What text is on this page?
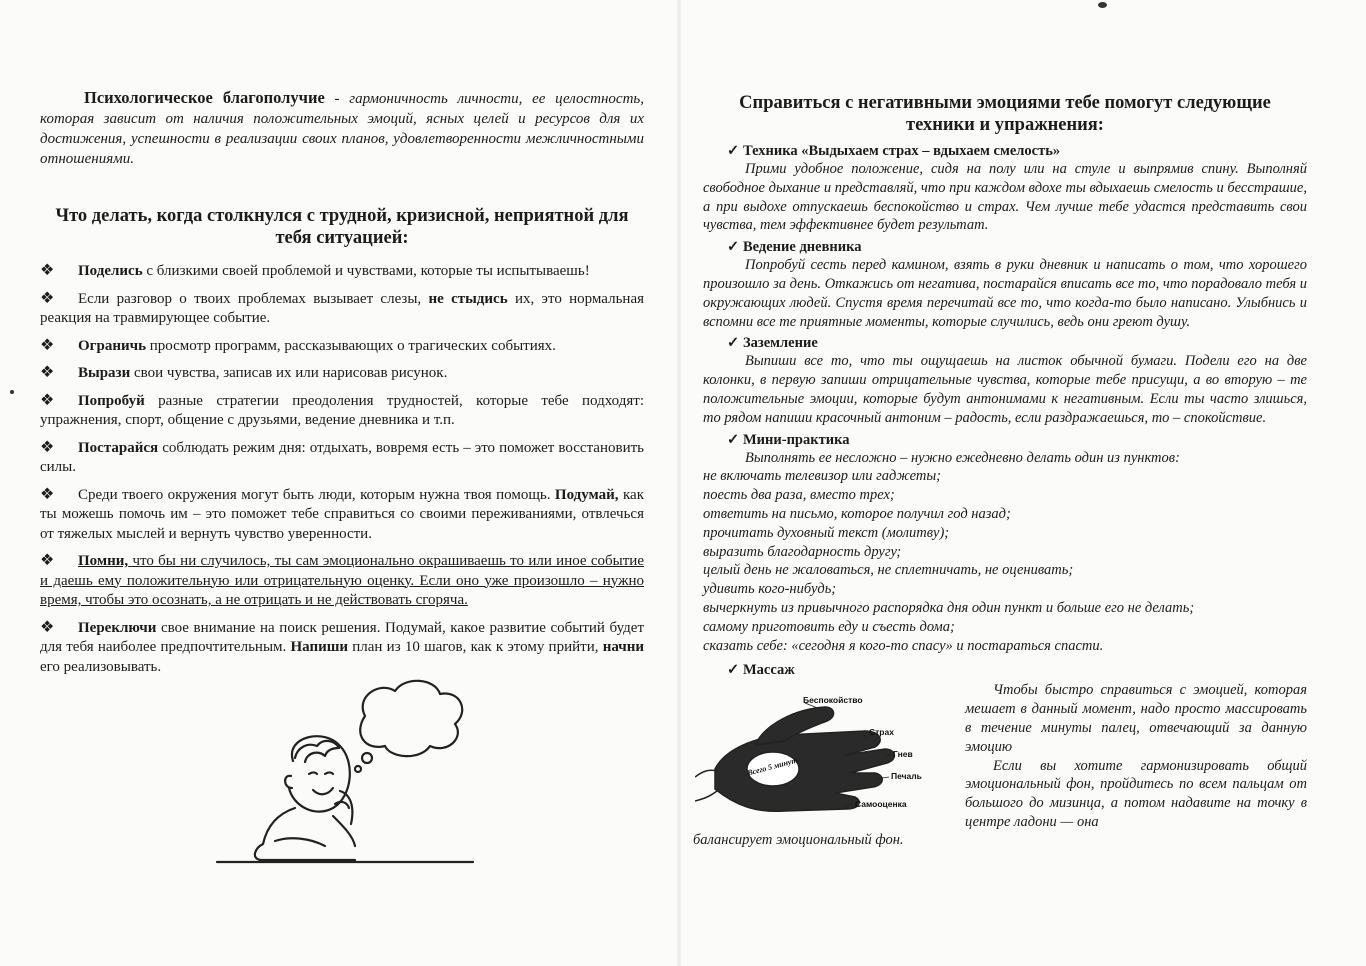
Психологическое благополучие - гармоничность личности, ее целостность, которая зависит от наличия положительных эмоций, ясных целей и ресурсов для их достижения, успешности в реализации своих планов, удовлетворенности межличностными отношениями.

Что делать, когда столкнулся с трудной, кризисной, неприятной для тебя ситуацией:

❖ Поделись с близкими своей проблемой и чувствами, которые ты испытываешь!

❖ Если разговор о твоих проблемах вызывает слезы, не стыдись их, это нормальная реакция на травмирующее событие.

❖ Ограничь просмотр программ, рассказывающих о трагических событиях.

❖ Вырази свои чувства, записав их или нарисовав рисунок.

❖ Попробуй разные стратегии преодоления трудностей, которые тебе подходят: упражнения, спорт, общение с друзьями, ведение дневника и т.п.

❖ Постарайся соблюдать режим дня: отдыхать, вовремя есть – это поможет восстановить силы.

❖ Среди твоего окружения могут быть люди, которым нужна твоя помощь. Подумай, как ты можешь помочь им – это поможет тебе справиться со своими переживаниями, отвлечься от тяжелых мыслей и вернуть чувство уверенности.

❖ Помни, что бы ни случилось, ты сам эмоционально окрашиваешь то или иное событие и даешь ему положительную или отрицательную оценку. Если оно уже произошло – нужно время, чтобы это осознать, а не отрицать и не действовать сгоряча.

❖ Переключи свое внимание на поиск решения. Подумай, какое развитие событий будет для тебя наиболее предпочтительным. Напиши план из 10 шагов, как к этому прийти, начни его реализовывать.

Справиться с негативными эмоциями тебе помогут следующие техники и упражнения:
✓ Техника «Выдыхаем страх – вдыхаем смелость»

Прими удобное положение, сидя на полу или на стуле и выпрямив спину. Выполняй свободное дыхание и представляй, что при каждом вдохе ты вдыхаешь смелость и бесстрашие, а при выдохе отпускаешь беспокойство и страх. Чем лучше тебе удастся представить свои чувства, тем эффективнее будет результат.

✓ Ведение дневника

Попробуй сесть перед камином, взять в руки дневник и написать о том, что хорошего произошло за день. Откажись от негатива, постарайся вписать все то, что порадовало тебя и окружающих людей. Спустя время перечитай все то, что когда-то было написано. Улыбнись и вспомни все те приятные моменты, которые случились, ведь они греют душу.

✓ Заземление

Выпиши все то, что ты ощущаешь на листок обычной бумаги. Подели его на две колонки, в первую запиши отрицательные чувства, которые тебе присущи, а во вторую – те положительные эмоции, которые будут антонимами к негативным. Если ты часто злишься, то рядом напиши красочный антоним – радость, если раздражаешься, то – спокойствие.

✓ Мини-практика

Выполнять ее несложно – нужно ежедневно делать один из пунктов:

не включать телевизор или гаджеты;
поесть два раза, вместо трех;
ответить на письмо, которое получил год назад;
прочитать духовный текст (молитву);
выразить благодарность другу;
целый день не жаловаться, не сплетничать, не оценивать;
удивить кого-нибудь;
вычеркнуть из привычного распорядка дня один пункт и больше его не делать;
самому приготовить еду и съесть дома;
сказать себе: «сегодня я кого-то спасу» и постараться спасти.
✓ Массаж
Всего 5 минут
Беспокойство
Страх
Гнев
Печаль
Самооценка

Чтобы быстро справиться с эмоцией, которая мешает в данный момент, надо просто массировать в течение минуты палец, отвечающий за данную эмоцию

Если вы хотите гармонизировать общий эмоциональный фон, пройдитесь по всем пальцам от большого до мизинца, а потом надавите на точку в центре ладони — она

балансирует эмоциональный фон.
